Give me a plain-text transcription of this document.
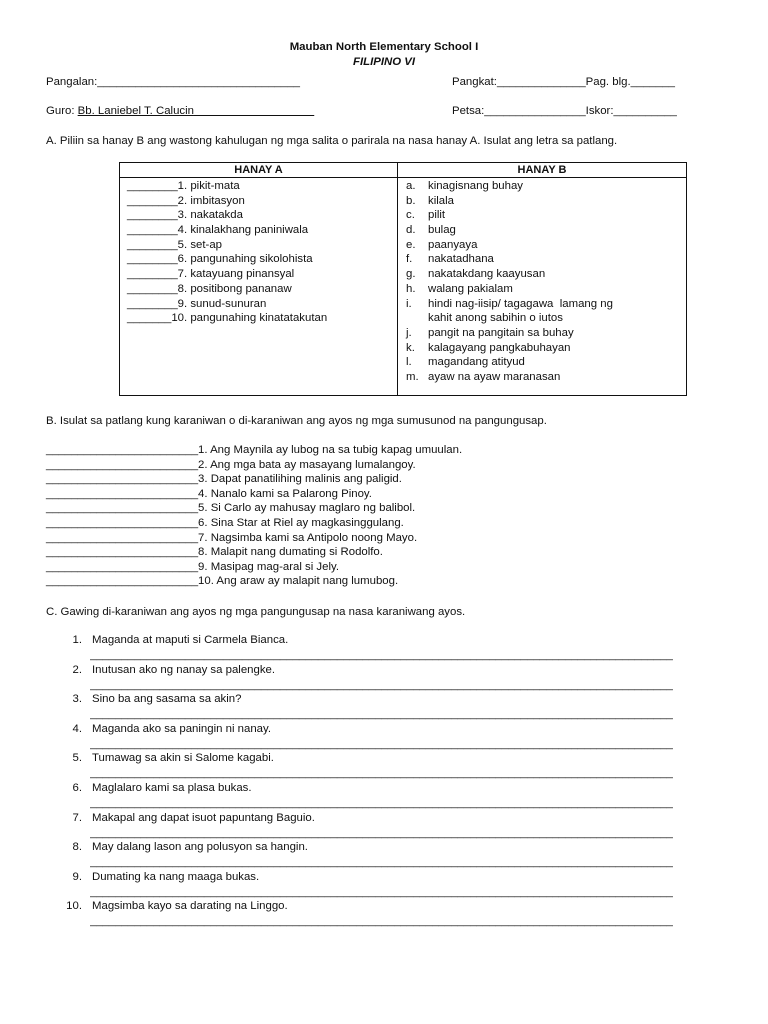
Mauban North Elementary School I
FILIPINO VI
Pangalan:________________________________	Pangkat:______________Pag. blg._______
Guro: Bb. Laniebel T. Calucin	Petsa:________________Iskor:__________
A. Piliin sa hanay B ang wastong kahulugan ng mga salita o parirala na nasa hanay A. Isulat ang letra sa patlang.
HANAY A	HANAY B
________1. pikit-mata
________2. imbitasyon
________3. nakatakda
________4. kinalakhang paniniwala
________5. set-ap
________6. pangunahing sikolohista
________7. katayuang pinansyal
________8. positibong pananaw
________9. sunud-sunuran
_______10. pangunahing kinatatakutan
a.	kinagisnang buhay
b.	kilala
c.	pilit
d.	bulag
e.	paanyaya
f.	nakatadhana
g.	nakatakdang kaayusan
h.	walang pakialam
i.	hindi nag-iisip/ tagagawa  lamang ng
kahit anong sabihin o iutos
j.	pangit na pangitain sa buhay
k.	kalagayang pangkabuhayan
l.	magandang atityud
m. ayaw na ayaw maranasan
B. Isulat sa patlang kung karaniwan o di-karaniwan ang ayos ng mga sumusunod na pangungusap.
________________________1. Ang Maynila ay lubog na sa tubig kapag umuulan.
________________________2. Ang mga bata ay masayang lumalangoy.
________________________3. Dapat panatilihing malinis ang paligid.
________________________4. Nanalo kami sa Palarong Pinoy.
________________________5. Si Carlo ay mahusay maglaro ng balibol.
________________________6. Sina Star at Riel ay magkasinggulang.
________________________7. Nagsimba kami sa Antipolo noong Mayo.
________________________8. Malapit nang dumating si Rodolfo.
________________________9. Masipag mag-aral si Jely.
________________________10. Ang araw ay malapit nang lumubog.
C. Gawing di-karaniwan ang ayos ng mga pangungusap na nasa karaniwang ayos.
1. Maganda at maputi si Carmela Bianca.
____________________________________________________________________________________________
2. Inutusan ako ng nanay sa palengke.
____________________________________________________________________________________________
3. Sino ba ang sasama sa akin?
____________________________________________________________________________________________
4. Maganda ako sa paningin ni nanay.
____________________________________________________________________________________________
5. Tumawag sa akin si Salome kagabi.
____________________________________________________________________________________________
6. Maglalaro kami sa plasa bukas.
____________________________________________________________________________________________
7. Makapal ang dapat isuot papuntang Baguio.
____________________________________________________________________________________________
8. May dalang lason ang polusyon sa hangin.
____________________________________________________________________________________________
9. Dumating ka nang maaga bukas.
____________________________________________________________________________________________
10. Magsimba kayo sa darating na Linggo.
____________________________________________________________________________________________
